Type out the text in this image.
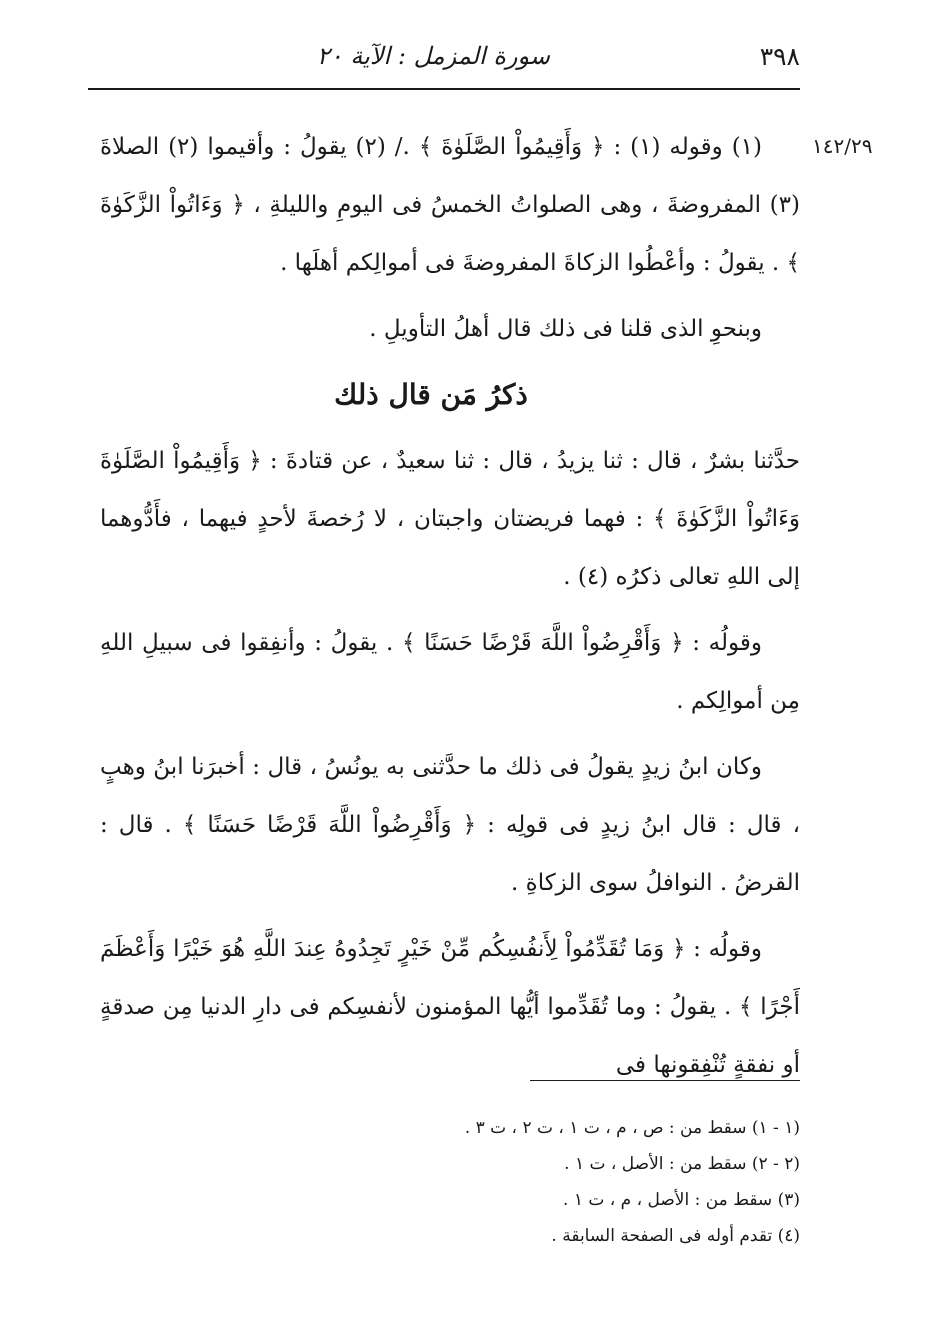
٣٩٨
سورة المزمل : الآية ٢٠
١٤٢/٢٩

(١) وقوله (١) : ﴿ وَأَقِيمُواْ الصَّلَوٰةَ ﴾ ./ (٢) يقولُ : وأقيموا (٢) الصلاةَ (٣) المفروضةَ ، وهى الصلواتُ الخمسُ فى اليومِ والليلةِ ، ﴿ وَءَاتُواْ الزَّكَوٰةَ ﴾ . يقولُ : وأعْطُوا الزكاةَ المفروضةَ فى أموالِكم أهلَها .

وبنحوِ الذى قلنا فى ذلك قال أهلُ التأويلِ .

ذكرُ مَن قال ذلك

حدَّثنا بشرٌ ، قال : ثنا يزيدُ ، قال : ثنا سعيدٌ ، عن قتادةَ : ﴿ وَأَقِيمُواْ الصَّلَوٰةَ وَءَاتُواْ الزَّكَوٰةَ ﴾ : فهما فريضتان واجبتان ، لا رُخصةَ لأحدٍ فيهما ، فأَدُّوهما إلى اللهِ تعالى ذكرُه (٤) .

وقولُه : ﴿ وَأَقْرِضُواْ اللَّهَ قَرْضًا حَسَنًا ﴾ . يقولُ : وأنفِقوا فى سبيلِ اللهِ مِن أموالِكم .

وكان ابنُ زيدٍ يقولُ فى ذلك ما حدَّثنى به يونُسُ ، قال : أخبرَنا ابنُ وهبٍ ، قال : قال ابنُ زيدٍ فى قولِه : ﴿ وَأَقْرِضُواْ اللَّهَ قَرْضًا حَسَنًا ﴾ . قال : القرضُ . النوافلُ سوى الزكاةِ .

وقولُه : ﴿ وَمَا تُقَدِّمُواْ لِأَنفُسِكُم مِّنْ خَيْرٍ تَجِدُوهُ عِندَ اللَّهِ هُوَ خَيْرًا وَأَعْظَمَ أَجْرًا ﴾ . يقولُ : وما تُقَدِّموا أيُّها المؤمنون لأنفسِكم فى دارِ الدنيا مِن صدقةٍ أو نفقةٍ تُنْفِقونها فى

(١ - ١) سقط من : ص ، م ، ت ١ ، ت ٢ ، ت ٣ .
(٢ - ٢) سقط من : الأصل ، ت ١ .
(٣) سقط من : الأصل ، م ، ت ١ .
(٤) تقدم أوله فى الصفحة السابقة .
